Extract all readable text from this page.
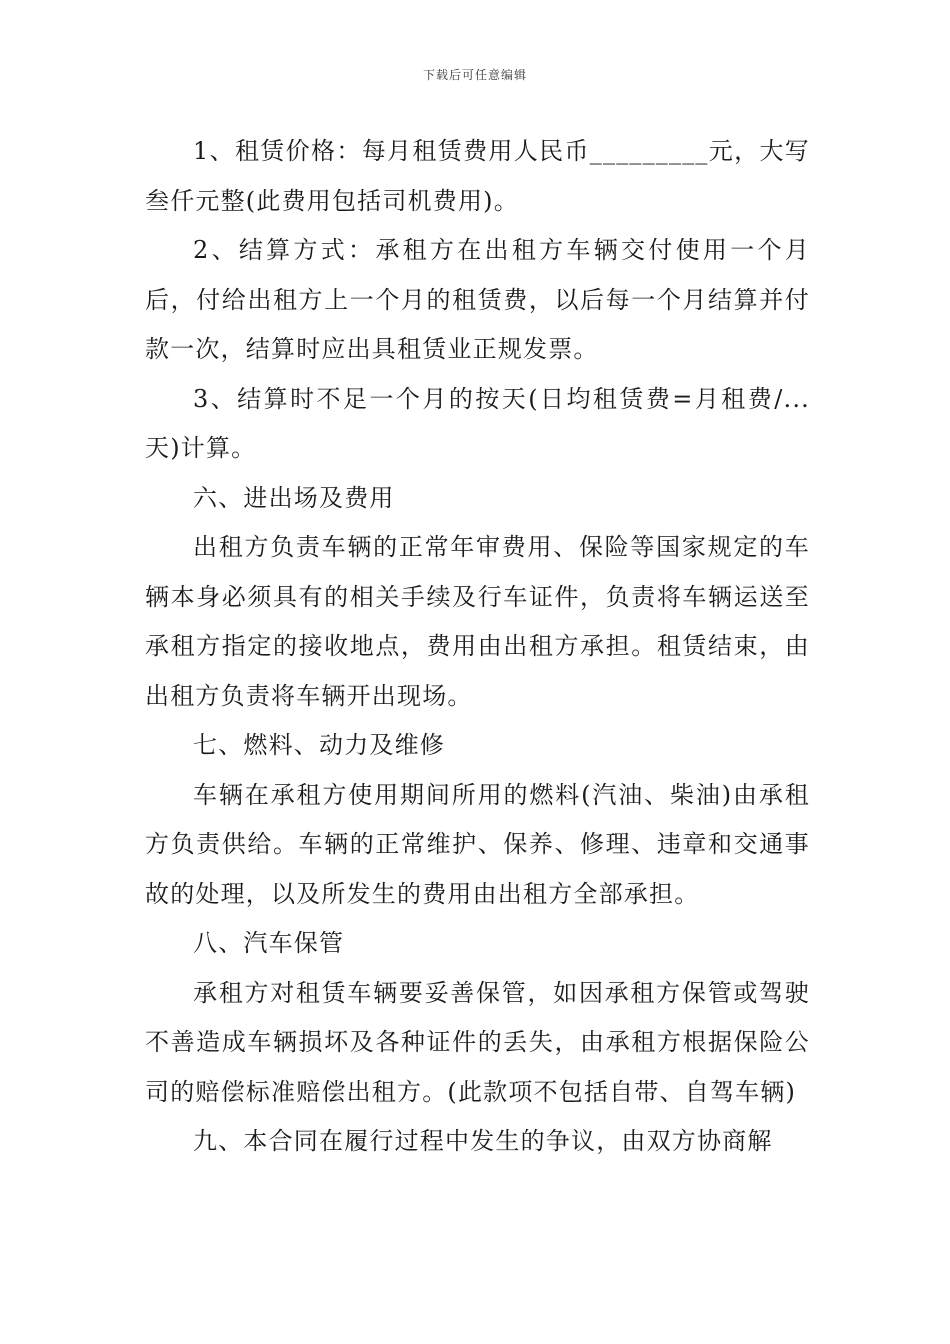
下载后可任意编辑

1、租赁价格：每月租赁费用人民币_________元，大写叁仟元整(此费用包括司机费用)。

2、结算方式：承租方在出租方车辆交付使用一个月后，付给出租方上一个月的租赁费，以后每一个月结算并付款一次，结算时应出具租赁业正规发票。

3、结算时不足一个月的按天(日均租赁费=月租费/...天)计算。

六、进出场及费用

出租方负责车辆的正常年审费用、保险等国家规定的车辆本身必须具有的相关手续及行车证件，负责将车辆运送至承租方指定的接收地点，费用由出租方承担。租赁结束，由出租方负责将车辆开出现场。

七、燃料、动力及维修

车辆在承租方使用期间所用的燃料(汽油、柴油)由承租方负责供给。车辆的正常维护、保养、修理、违章和交通事故的处理，以及所发生的费用由出租方全部承担。

八、汽车保管

承租方对租赁车辆要妥善保管，如因承租方保管或驾驶不善造成车辆损坏及各种证件的丢失，由承租方根据保险公司的赔偿标准赔偿出租方。(此款项不包括自带、自驾车辆)

九、本合同在履行过程中发生的争议，由双方协商解
